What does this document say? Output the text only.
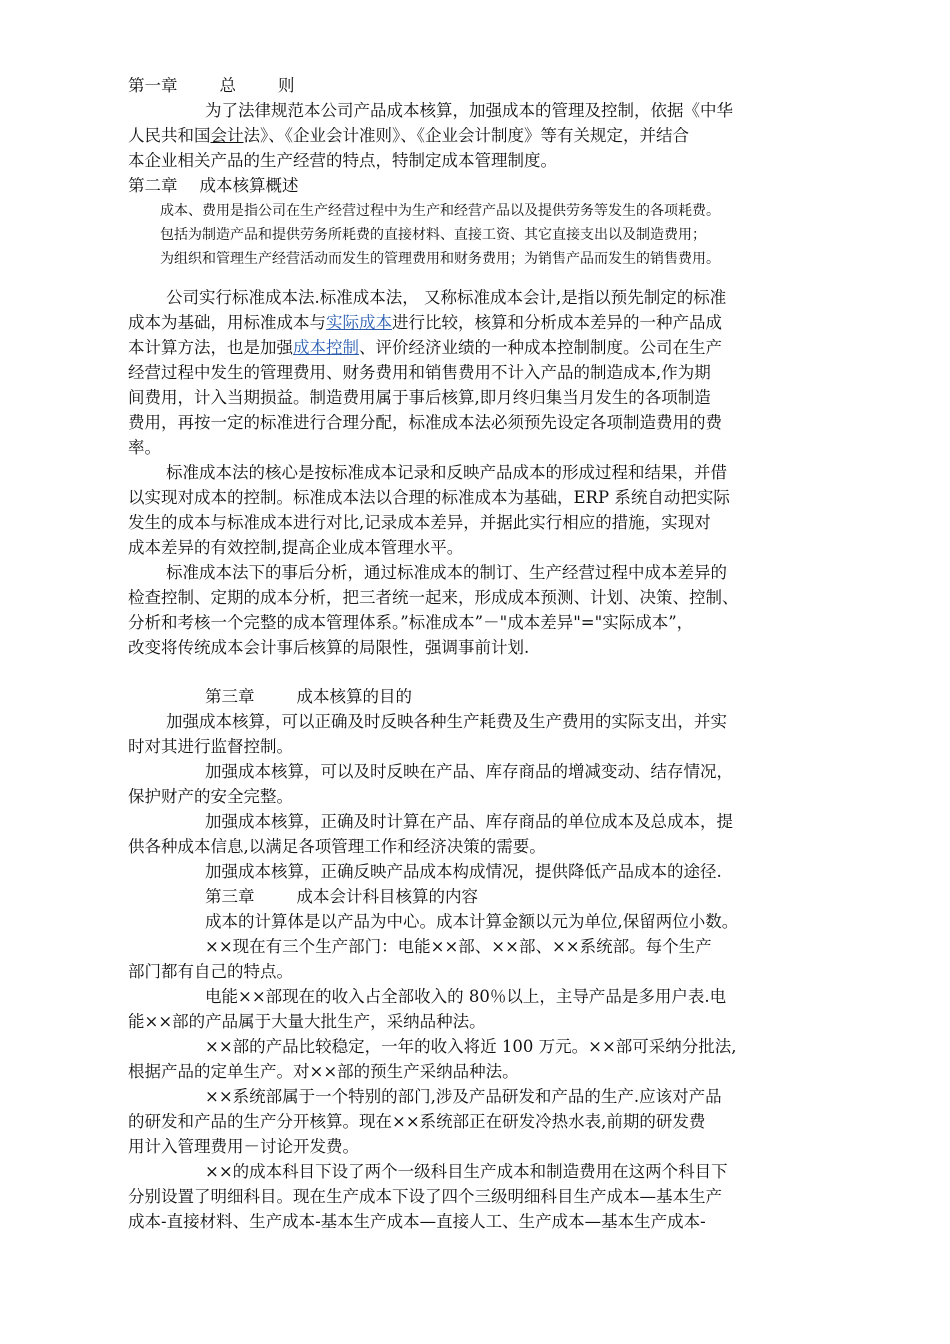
第一章	总	则
为了法律规范本公司产品成本核算，加强成本的管理及控制，依据《中华
人民共和国会计法》、《企业会计准则》、《企业会计制度》等有关规定，并结合
本企业相关产品的生产经营的特点，特制定成本管理制度。
第二章 成本核算概述
成本、费用是指公司在生产经营过程中为生产和经营产品以及提供劳务等发生的各项耗费。
包括为制造产品和提供劳务所耗费的直接材料、直接工资、其它直接支出以及制造费用；
为组织和管理生产经营活动而发生的管理费用和财务费用；为销售产品而发生的销售费用。
公司实行标准成本法.标准成本法， 又称标准成本会计,是指以预先制定的标准
成本为基础，用标准成本与实际成本进行比较，核算和分析成本差异的一种产品成
本计算方法，也是加强成本控制、评价经济业绩的一种成本控制制度。公司在生产
经营过程中发生的管理费用、财务费用和销售费用不计入产品的制造成本,作为期
间费用，计入当期损益。制造费用属于事后核算,即月终归集当月发生的各项制造
费用，再按一定的标准进行合理分配，标准成本法必须预先设定各项制造费用的费
率。
标准成本法的核心是按标准成本记录和反映产品成本的形成过程和结果，并借
以实现对成本的控制。标准成本法以合理的标准成本为基础，ERP 系统自动把实际
发生的成本与标准成本进行对比,记录成本差异，并据此实行相应的措施，实现对
成本差异的有效控制,提高企业成本管理水平。
标准成本法下的事后分析，通过标准成本的制订、生产经营过程中成本差异的
检查控制、定期的成本分析，把三者统一起来，形成成本预测、计划、决策、控制、
分析和考核一个完整的成本管理体系。”标准成本”－"成本差异"="实际成本”，
改变将传统成本会计事后核算的局限性，强调事前计划.
第三章	成本核算的目的
加强成本核算，可以正确及时反映各种生产耗费及生产费用的实际支出，并实
时对其进行监督控制。
加强成本核算，可以及时反映在产品、库存商品的增减变动、结存情况，
保护财产的安全完整。
加强成本核算，正确及时计算在产品、库存商品的单位成本及总成本，提
供各种成本信息,以满足各项管理工作和经济决策的需要。
加强成本核算，正确反映产品成本构成情况，提供降低产品成本的途径.
第三章	成本会计科目核算的内容
成本的计算体是以产品为中心。成本计算金额以元为单位,保留两位小数。
××现在有三个生产部门：电能××部、××部、××系统部。每个生产
部门都有自己的特点。
电能××部现在的收入占全部收入的 80％以上，主导产品是多用户表.电
能××部的产品属于大量大批生产，采纳品种法。
××部的产品比较稳定，一年的收入将近 100 万元。××部可采纳分批法,
根据产品的定单生产。对××部的预生产采纳品种法。
××系统部属于一个特别的部门,涉及产品研发和产品的生产.应该对产品
的研发和产品的生产分开核算。现在××系统部正在研发冷热水表,前期的研发费
用计入管理费用－讨论开发费。
××的成本科目下设了两个一级科目生产成本和制造费用在这两个科目下
分别设置了明细科目。现在生产成本下设了四个三级明细科目生产成本—基本生产
成本-直接材料、生产成本-基本生产成本—直接人工、生产成本—基本生产成本-
